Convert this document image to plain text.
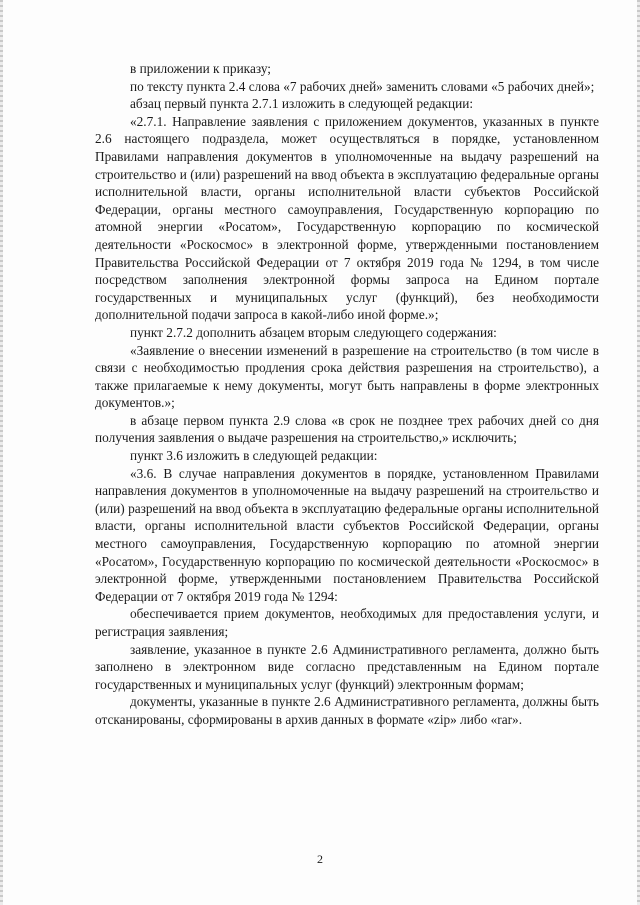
в приложении к приказу;

по тексту пункта 2.4 слова «7 рабочих дней» заменить словами «5 рабочих дней»;

абзац первый пункта 2.7.1 изложить в следующей редакции:

«2.7.1. Направление заявления с приложением документов, указанных в пункте 2.6 настоящего подраздела, может осуществляться в порядке, установленном Правилами направления документов в уполномоченные на выдачу разрешений на строительство и (или) разрешений на ввод объекта в эксплуатацию федеральные органы исполнительной власти, органы исполнительной власти субъектов Российской Федерации, органы местного самоуправления, Государственную корпорацию по атомной энергии «Росатом», Государственную корпорацию по космической деятельности «Роскосмос» в электронной форме, утвержденными постановлением Правительства Российской Федерации от 7 октября 2019 года № 1294, в том числе посредством заполнения электронной формы запроса на Едином портале государственных и муниципальных услуг (функций), без необходимости дополнительной подачи запроса в какой-либо иной форме.»;

пункт 2.7.2 дополнить абзацем вторым следующего содержания:

«Заявление о внесении изменений в разрешение на строительство (в том числе в связи с необходимостью продления срока действия разрешения на строительство), а также прилагаемые к нему документы, могут быть направлены в форме электронных документов.»;

в абзаце первом пункта 2.9 слова «в срок не позднее трех рабочих дней со дня получения заявления о выдаче разрешения на строительство,» исключить;

пункт 3.6 изложить в следующей редакции:

«3.6. В случае направления документов в порядке, установленном Правилами направления документов в уполномоченные на выдачу разрешений на строительство и (или) разрешений на ввод объекта в эксплуатацию федеральные органы исполнительной власти, органы исполнительной власти субъектов Российской Федерации, органы местного самоуправления, Государственную корпорацию по атомной энергии «Росатом», Государственную корпорацию по космической деятельности «Роскосмос» в электронной форме, утвержденными постановлением Правительства Российской Федерации от 7 октября 2019 года № 1294:

обеспечивается прием документов, необходимых для предоставления услуги, и регистрация заявления;

заявление, указанное в пункте 2.6 Административного регламента, должно быть заполнено в электронном виде согласно представленным на Едином портале государственных и муниципальных услуг (функций) электронным формам;

документы, указанные в пункте 2.6 Административного регламента, должны быть отсканированы, сформированы в архив данных в формате «zip» либо «rar».

2
